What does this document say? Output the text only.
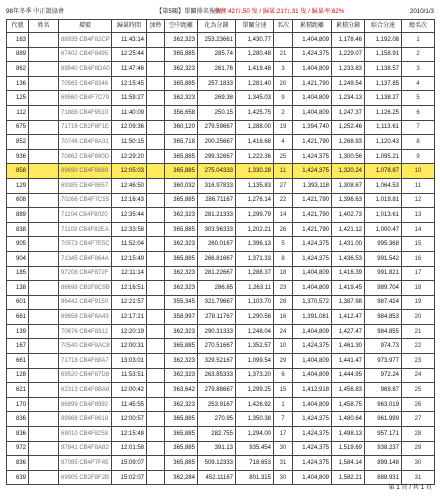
98年冬季 中正鴿協會	【第5關】單關排名報表
參賽:42台,50 隻 / 歸巢:21台,31 隻 / 歸巢率:62%	2010/1/3
代號	姓名	環號	歸巢時間	加秒	空中距離	化為分鐘	單關分速	名次	累積距離	累積分鐘	綜合分速	總名次
163		88935 CB4F82CP	11:43:14		362,323	253.23661	1,430.77		1,404,809	1,178.46	1,192.08	1
889		67402 CB4F8495	12:25:44		365,885	285.74	1,280.48	21	1,424,375	1,229.07	1,158.91	2
862		89940 CB4F8DA0	11:47:46		362,323	261.76	1,419.48	3	1,404,809	1,233.83	1,138.57	3
136		70565 CB4F8346	12:15:45		365,885	257.1833	1,281.40	20	1,421,790	1,249.54	1,137.85	4
125		69560 CB4F7C79	11:59:27		362,323	269.38	1,345.03	9	1,404,809	1,234.13	1,138.27	5
112		71888 CB4F9510	11:40:09		356,658	250.15	1,425.75	2	1,404,809	1,247.37	1,126.25	6
675		71716 CB2F8F1E	12:09:36		360,120	279.59667	1,288.00	19	1,394,740	1,252.46	1,113.61	7
852		70746 CB4F8A31	11:50:15		365,718	200.25667	1,416.68	4	1,421,790	1,268.93	1,120.43	8
936		70862 CB4F890D	12:29:20		365,885	299.32667	1,222.36	25	1,424,375	1,300.56	1,095.21	9
858		89690 CB4F8889	12:05:03		365,885	275.04333	1,330.28	11	1,424,375	1,320.24	1,078.87	10
129		69385 CB4F8657	12:46:50		360,032	316.97833	1,135.83	27	1,393,118	1,308.67	1,064.53	11
608		70266 CB4F7C55	12:16:43		365,885	286.71167	1,276.14	22	1,421,790	1,396.63	1,019.81	12
889		71104 CB4F8020	12:35:44		362,323	281.21333	1,299.79	14	1,421,790	1,402.73	1,013.61	13
838		71103 CB4F82EA	12:33:58		365,885	303.96333	1,202.21	26	1,421,790	1,421.12	1,000.47	14
905		70573 CB4F7E5C	11:52:04		362,323	260.0167	1,396.13	5	1,424,375	1,431.00	995.368	15
904		71345 CB4F864A	12:15:49		365,885	266.81667	1,371.33	8	1,424,375	1,436.53	991.542	16
185		97208 CB4F872F	12:11:14		362,323	281.22667	1,288.37	18	1,404,809	1,416.39	991.821	17
138		86698 CB2F8C9B	12:16:51		362,323	286.85	1,263.11	23	1,404,809	1,419.45	989.704	18
601		96442 CB4F9150	12:21:57		355,345	321.79667	1,103.70	28	1,370,572	1,387.98	987.424	19
661		69658 CB4F8A43	12:17:21		358,997	278.11767	1,290.56	16	1,391,081	1,412.47	984.853	20
139		70676 CB4F8312	12:20:19		362,323	290.31333	1,248.04	24	1,404,809	1,427.47	984.855	21
167		70540 CB4F8AC8	12:00:31		365,885	270.51667	1,352.57	10	1,424,375	1,461.30	974.73	22
661		71718 CB4F88A7	13:03:01		362,323	329.52167	1,099.54	29	1,404,809	1,441.47	973.977	23
128		69520 CB4F87D8	11:53:51		362,323	263.85333	1,373.20	6	1,404,809	1,444.95	972.24	24
621		62313 CB4F8BA8	12:00:42		363,642	279.88667	1,299.25	15	1,412,918	1,456.83	969.87	25
170		86899 CB4F8992	11:45:55		362,323	253.9167	1,426.92	1	1,404,809	1,458.75	963.019	26
836		89968 CB4F8618	12:00:57		365,885	270.95	1,350.38	7	1,424,375	1,480.64	961.999	27
836		69010 CB4F8258	12:15:48		365,885	282.755	1,294.00	17	1,424,375	1,498.13	957.171	28
972		97841 CB4F8A82	12:01:58		365,885	391.13	935.454	30	1,424,375	1,519.69	938.237	29
836		97085 CB4F7F45	15:09:07		365,885	509.12333	718.653	31	1,424,375	1,584.14	899.148	30
639		69905 CB2F8F2B	15:02:07		362,284	452.11167	801.315	30	1,404,809	1,582.21	888.931	31
第 1 頁 / 共 1 頁
